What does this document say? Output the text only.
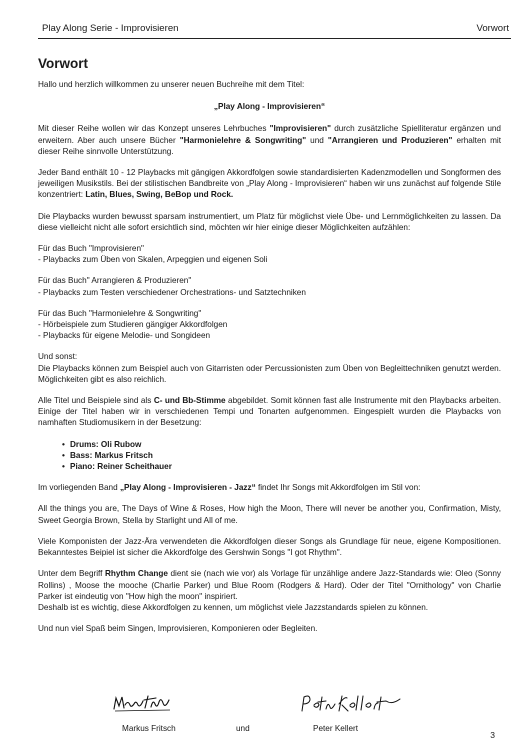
Play Along Serie - Improvisieren	Vorwort
Vorwort

Hallo und herzlich willkommen zu unserer neuen Buchreihe mit dem Titel:

„Play Along - Improvisieren“

Mit dieser Reihe wollen wir das Konzept unseres Lehrbuches "Improvisieren" durch zusätzliche Spielliteratur ergänzen und erweitern. Aber auch unsere Bücher "Harmonielehre & Songwriting" und "Arrangieren und Produzieren" erhalten mit dieser Reihe sinnvolle Unterstützung.

Jeder Band enthält 10 - 12 Playbacks mit gängigen Akkordfolgen sowie standardisierten Kadenzmodellen und Songformen des jeweiligen Musikstils. Bei der stilistischen Bandbreite von „Play Along - Improvisieren“ haben wir uns zunächst auf folgende Stile konzentriert: Latin, Blues, Swing, BeBop und Rock.

Die Playbacks wurden bewusst sparsam instrumentiert, um Platz für möglichst viele Übe- und Lernmöglichkeiten zu lassen. Da diese vielleicht nicht alle sofort ersichtlich sind, möchten wir hier einige dieser Möglichkeiten aufzählen:

Für das Buch "Improvisieren"
- Playbacks zum Üben von Skalen, Arpeggien und eigenen Soli

Für das Buch" Arrangieren & Produzieren"
- Playbacks zum Testen verschiedener Orchestrations- und Satztechniken

Für das Buch "Harmonielehre & Songwriting"
- Hörbeispiele zum Studieren gängiger Akkordfolgen
- Playbacks für eigene Melodie- und Songideen

Und sonst:
Die Playbacks können zum Beispiel auch von Gitarristen oder Percussionisten zum Üben von Begleittechniken genutzt werden. Möglichkeiten gibt es also reichlich.

Alle Titel und Beispiele sind als C- und Bb-Stimme abgebildet. Somit können fast alle Instrumente mit den Playbacks arbeiten. Einige der Titel haben wir in verschiedenen Tempi und Tonarten aufgenommen. Eingespielt wurden die Playbacks von namhaften Studiomusikern in der Besetzung:

• Drums: Oli Rubow
• Bass: Markus Fritsch
• Piano: Reiner Scheithauer

Im vorliegenden Band „Play Along - Improvisieren - Jazz“ findet Ihr Songs mit Akkordfolgen im Stil von:

All the things you are, The Days of Wine & Roses, How high the Moon, There will never be another you, Confirmation, Misty, Sweet Georgia Brown, Stella by Starlight und All of me.

Viele Komponisten der Jazz-Ära verwendeten die Akkordfolgen dieser Songs als Grundlage für neue, eigene Kompositionen. Bekanntestes Beipiel ist sicher die Akkordfolge des Gershwin Songs "I got Rhythm".

Unter dem Begriff Rhythm Change dient sie (nach wie vor) als Vorlage für unzählige andere Jazz-Standards wie: Oleo (Sonny Rollins) , Moose the mooche (Charlie Parker) und Blue Room (Rodgers & Hard). Oder der Titel "Ornithology" von Charlie Parker ist eindeutig von "How high the moon" inspiriert.
Deshalb ist es wichtig, diese Akkordfolgen zu kennen, um möglichst viele Jazzstandards spielen zu können.

Und nun viel Spaß beim Singen, Improvisieren, Komponieren oder Begleiten.

Markus Fritsch	und	Peter Kellert
3
